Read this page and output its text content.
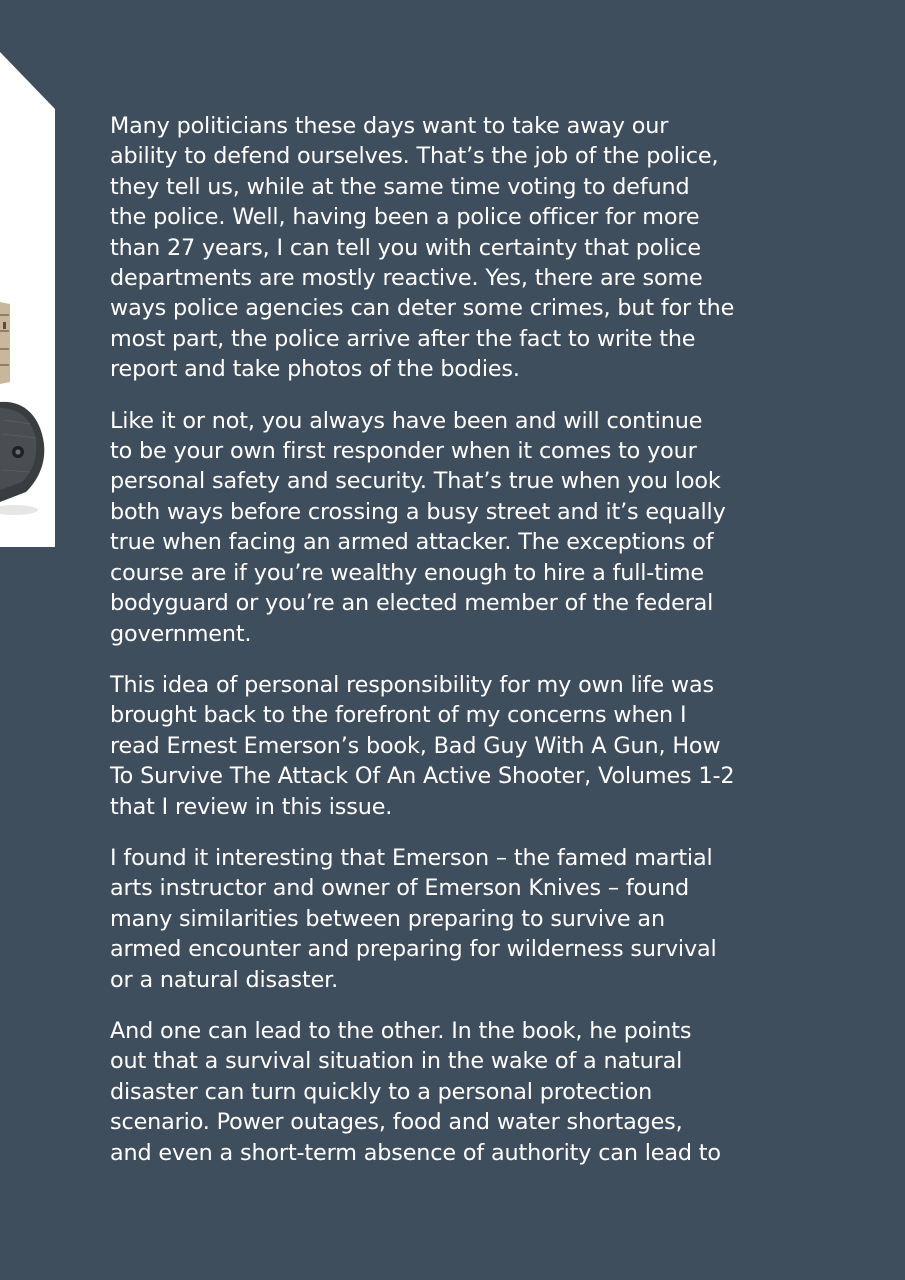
Many politicians these days want to take away our
ability to defend ourselves. That’s the job of the police,
they tell us, while at the same time voting to defund
the police. Well, having been a police officer for more
than 27 years, I can tell you with certainty that police
departments are mostly reactive. Yes, there are some
ways police agencies can deter some crimes, but for the
most part, the police arrive after the fact to write the
report and take photos of the bodies.

Like it or not, you always have been and will continue
to be your own first responder when it comes to your
personal safety and security. That’s true when you look
both ways before crossing a busy street and it’s equally
true when facing an armed attacker. The exceptions of
course are if you’re wealthy enough to hire a full-time
bodyguard or you’re an elected member of the federal
government.

This idea of personal responsibility for my own life was
brought back to the forefront of my concerns when I
read Ernest Emerson’s book, Bad Guy With A Gun, How
To Survive The Attack Of An Active Shooter, Volumes 1-2
that I review in this issue.

I found it interesting that Emerson – the famed martial
arts instructor and owner of Emerson Knives – found
many similarities between preparing to survive an
armed encounter and preparing for wilderness survival
or a natural disaster.

And one can lead to the other. In the book, he points
out that a survival situation in the wake of a natural
disaster can turn quickly to a personal protection
scenario. Power outages, food and water shortages,
and even a short-term absence of authority can lead to
